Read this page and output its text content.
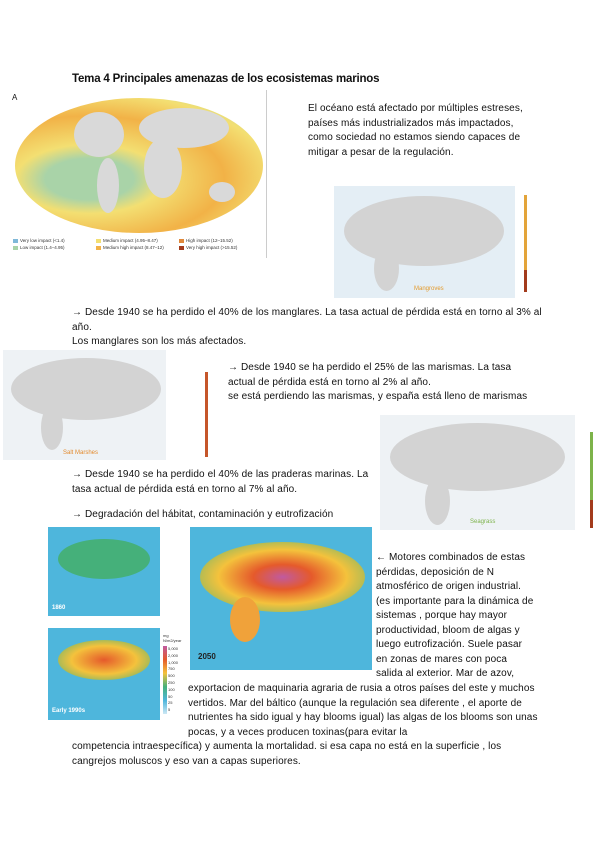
Tema 4 Principales amenazas de los ecosistemas marinos
A
Very low impact (<1.4)	Medium impact (4.95–8.47)	High impact (12–15.52)
Low impact (1.4–4.95)	Medium high impact (8.47–12)	Very high impact (>15.52)

El océano está afectado por múltiples estreses, países más industrializados más impactados, como sociedad no estamos siendo capaces de mitigar a pesar de la regulación.

Mangroves

→ Desde 1940 se ha perdido el 40% de los manglares. La tasa actual de pérdida está en torno al 3% al año.

Los manglares son los más afectados.

Salt Marshes

→ Desde 1940 se ha perdido el 25% de las marismas. La tasa actual de pérdida está en torno al 2% al año.

se está perdiendo las marismas, y españa está lleno de marismas

Seagrass

→ Desde 1940 se ha perdido el 40% de las praderas marinas. La tasa actual de pérdida está en torno al 7% al año.

→ Degradación del hábitat, contaminación y eutrofización

1860
Early 1990s
2050
mg N/m2/year
5,000
2,000
1,000
750
500
250
100
50
25
5

← Motores combinados de estas pérdidas, deposición de N atmosférico de origen industrial. (es importante para la dinámica de sistemas , porque hay mayor productividad, bloom de algas y luego eutrofización. Suele pasar en zonas de mares con poca salida al exterior. Mar de azov,

exportacion de maquinaria agraria de rusia a otros países del este y muchos vertidos. Mar del báltico (aunque la regulación sea diferente , el aporte de nutrientes ha sido igual y hay blooms igual) las algas de los blooms son unas pocas, y a veces producen toxinas(para evitar la

competencia intraespecífica) y aumenta la mortalidad. si esa capa no está en la superficie , los cangrejos moluscos y eso van a capas superiores.
